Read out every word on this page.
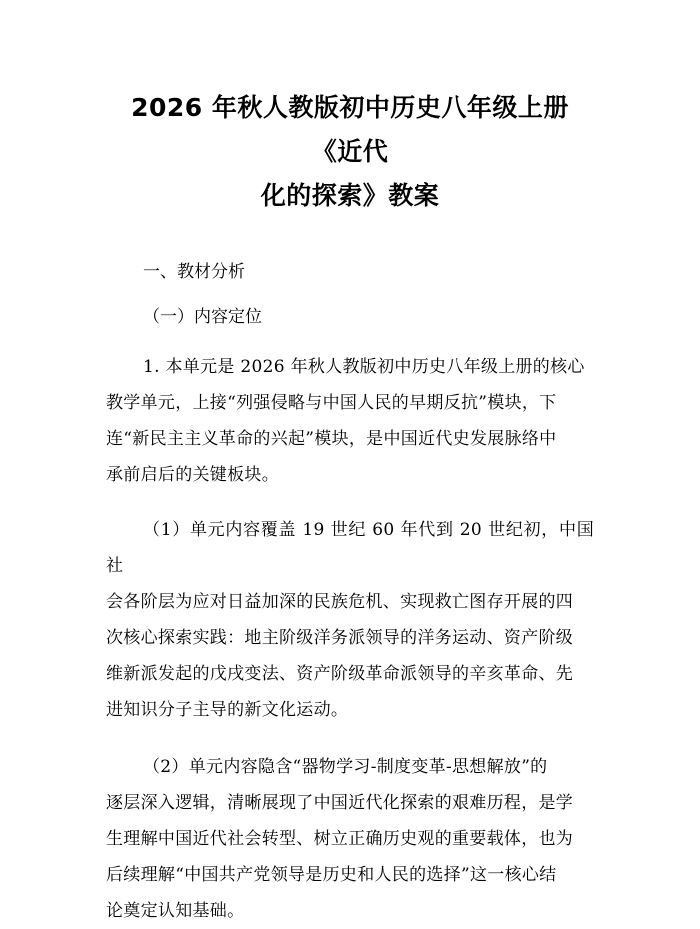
2026 年秋人教版初中历史八年级上册《近代
化的探索》教案
一、教材分析
（一）内容定位
1. 本单元是 2026 年秋人教版初中历史八年级上册的核心
教学单元，上接“列强侵略与中国人民的早期反抗”模块，下
连“新民主主义革命的兴起”模块，是中国近代史发展脉络中
承前启后的关键板块。
（1）单元内容覆盖 19 世纪 60 年代到 20 世纪初，中国社
会各阶层为应对日益加深的民族危机、实现救亡图存开展的四
次核心探索实践：地主阶级洋务派领导的洋务运动、资产阶级
维新派发起的戊戌变法、资产阶级革命派领导的辛亥革命、先
进知识分子主导的新文化运动。
（2）单元内容隐含“器物学习-制度变革-思想解放”的
逐层深入逻辑，清晰展现了中国近代化探索的艰难历程，是学
生理解中国近代社会转型、树立正确历史观的重要载体，也为
后续理解“中国共产党领导是历史和人民的选择”这一核心结
论奠定认知基础。
